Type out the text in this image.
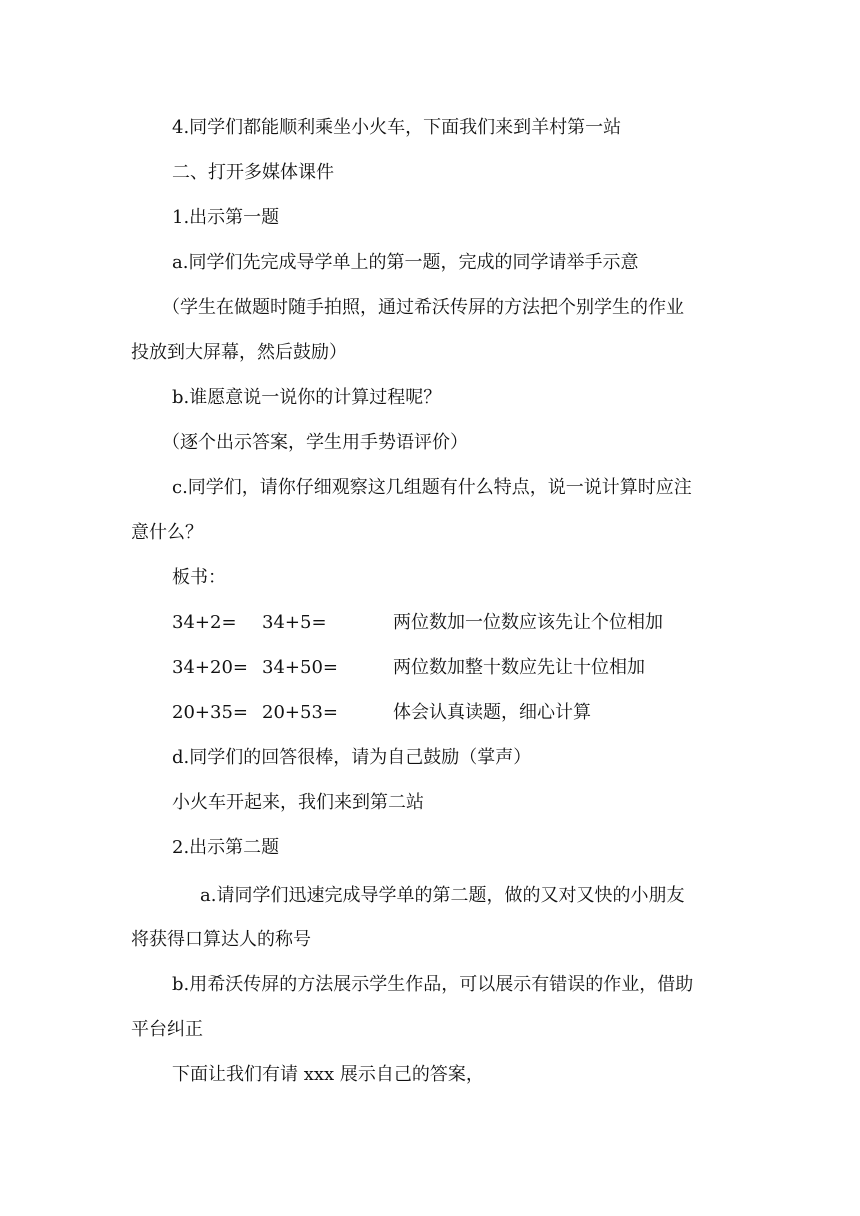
4.同学们都能顺利乘坐小火车，下面我们来到羊村第一站
二、打开多媒体课件
1.出示第一题
a.同学们先完成导学单上的第一题，完成的同学请举手示意
（学生在做题时随手拍照，通过希沃传屏的方法把个别学生的作业
投放到大屏幕，然后鼓励）
b.谁愿意说一说你的计算过程呢？
（逐个出示答案，学生用手势语评价）
c.同学们，请你仔细观察这几组题有什么特点，说一说计算时应注
意什么？
板书：
34+2= 34+5=	两位数加一位数应该先让个位相加
34+20= 34+50=	两位数加整十数应先让十位相加
20+35= 20+53=	体会认真读题，细心计算
d.同学们的回答很棒，请为自己鼓励（掌声）
小火车开起来，我们来到第二站
2.出示第二题
a.请同学们迅速完成导学单的第二题，做的又对又快的小朋友
将获得口算达人的称号
b.用希沃传屏的方法展示学生作品，可以展示有错误的作业，借助
平台纠正
下面让我们有请 xxx 展示自己的答案，
